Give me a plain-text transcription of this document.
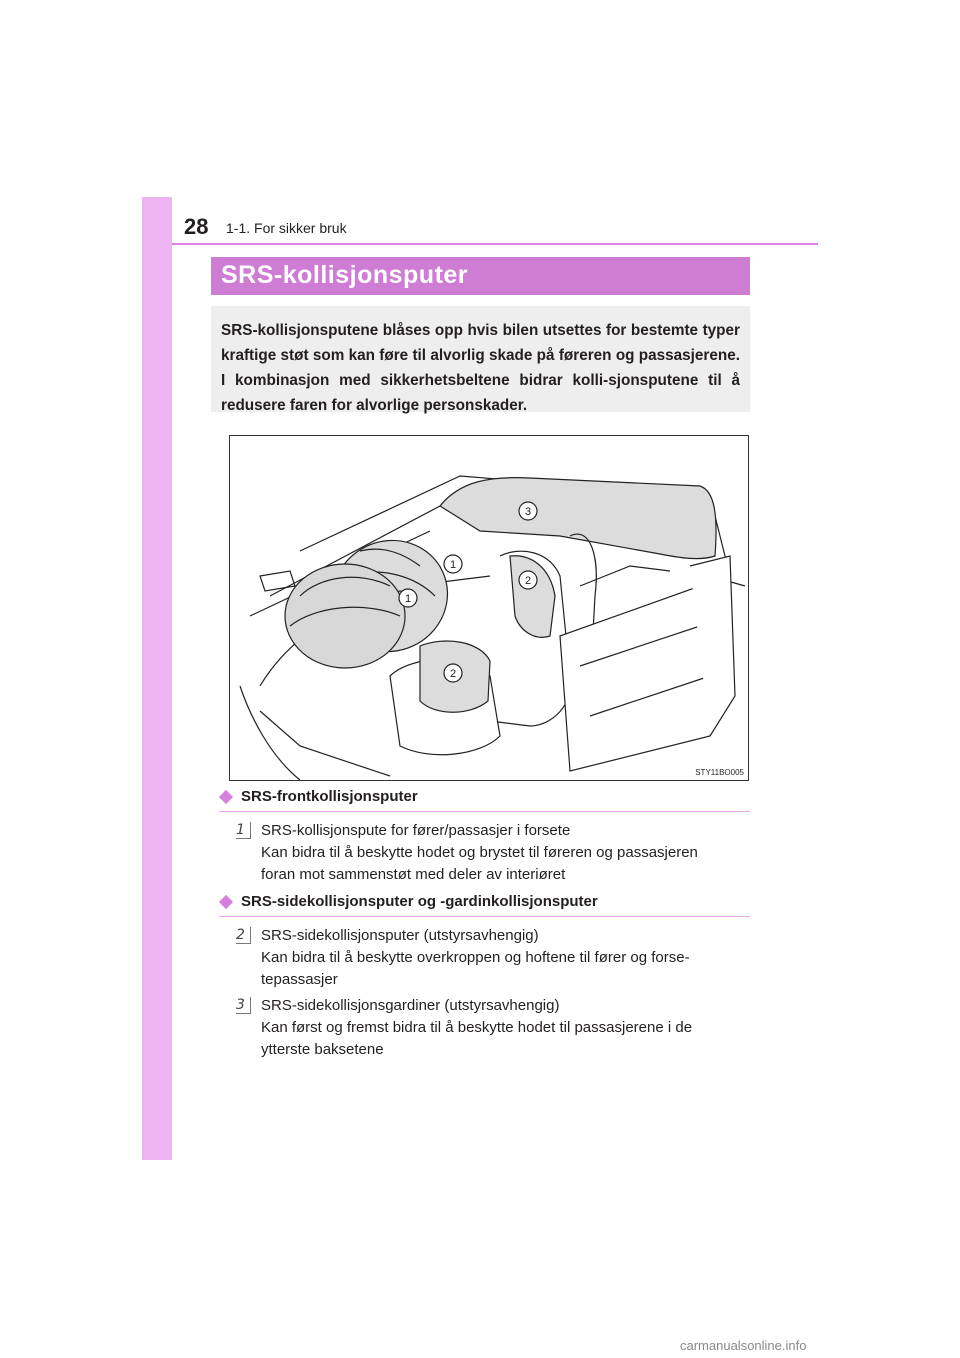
28 1-1. For sikker bruk
SRS-kollisjonsputer
SRS-kollisjonsputene blåses opp hvis bilen utsettes for bestemte typer kraftige støt som kan føre til alvorlig skade på føreren og passasjerene. I kombinasjon med sikkerhetsbeltene bidrar kolli-sjonsputene til å redusere faren for alvorlige personskader.
1
1
2
2
3
STY11BO005
SRS-frontkollisjonsputer
1	SRS-kollisjonspute for fører/passasjer i forsete
Kan bidra til å beskytte hodet og brystet til føreren og passasjeren
foran mot sammenstøt med deler av interiøret
SRS-sidekollisjonsputer og -gardinkollisjonsputer
2	SRS-sidekollisjonsputer (utstyrsavhengig)
Kan bidra til å beskytte overkroppen og hoftene til fører og forse-
tepassasjer
3	SRS-sidekollisjonsgardiner (utstyrsavhengig)
Kan først og fremst bidra til å beskytte hodet til passasjerene i de
ytterste baksetene
carmanualsonline.info
